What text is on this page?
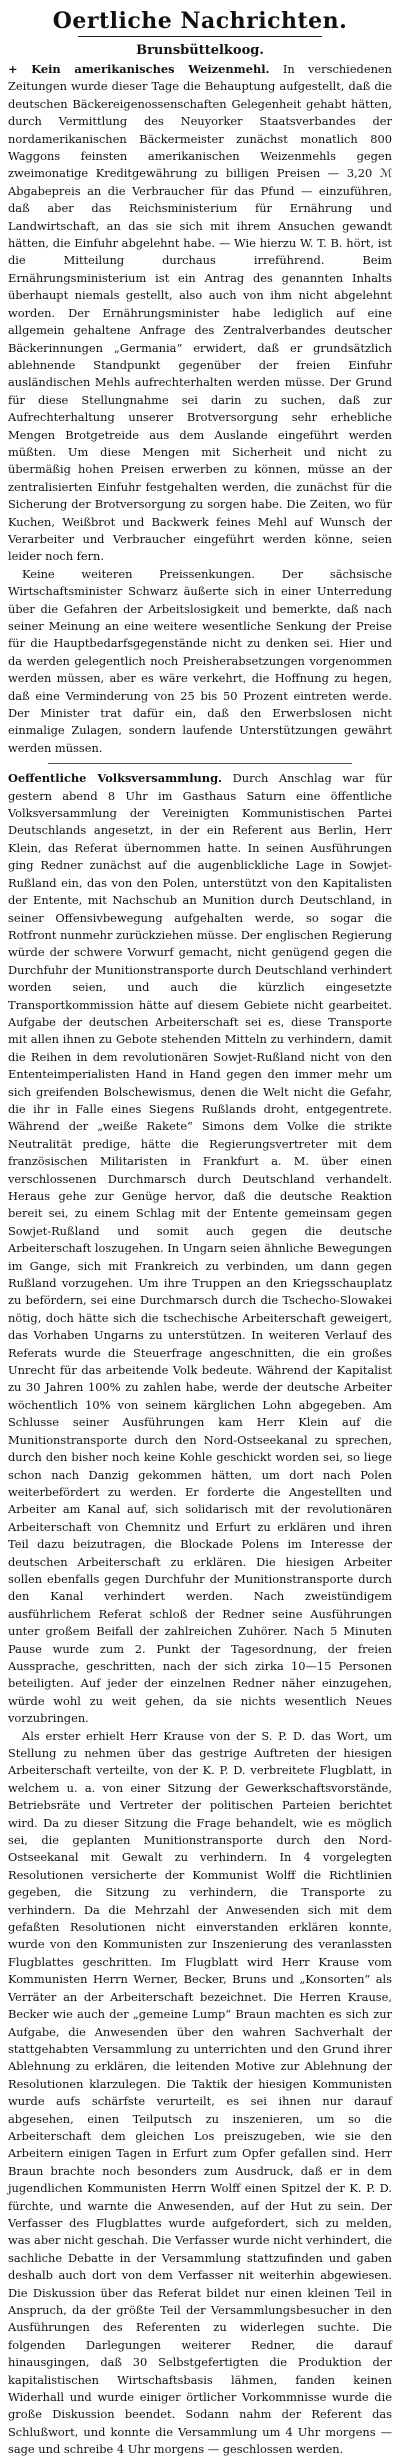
Oertliche Nachrichten.
Brunsbüttelkoog.

+ Kein amerikanisches Weizenmehl. In verschiedenen Zeitungen wurde dieser Tage die Behauptung aufgestellt, daß die deutschen Bäckereigenossenschaften Gelegenheit gehabt hätten, durch Vermittlung des Neuyorker Staatsverbandes der nordamerikanischen Bäckermeister zunächst monatlich 800 Waggons feinsten amerikanischen Weizenmehls gegen zweimonatige Kreditgewährung zu billigen Preisen — 3,20 ℳ Abgabepreis an die Verbraucher für das Pfund — einzuführen, daß aber das Reichsministerium für Ernährung und Landwirtschaft, an das sie sich mit ihrem Ansuchen gewandt hätten, die Einfuhr abgelehnt habe. — Wie hierzu W. T. B. hört, ist die Mitteilung durchaus irreführend. Beim Ernährungsministerium ist ein Antrag des genannten Inhalts überhaupt niemals gestellt, also auch von ihm nicht abgelehnt worden. Der Ernährungsminister habe lediglich auf eine allgemein gehaltene Anfrage des Zentralverbandes deutscher Bäckerinnungen „Germania“ erwidert, daß er grundsätzlich ablehnende Standpunkt gegenüber der freien Einfuhr ausländischen Mehls aufrechterhalten werden müsse. Der Grund für diese Stellungnahme sei darin zu suchen, daß zur Aufrechterhaltung unserer Brotversorgung sehr erhebliche Mengen Brotgetreide aus dem Auslande eingeführt werden müßten. Um diese Mengen mit Sicherheit und nicht zu übermäßig hohen Preisen erwerben zu können, müsse an der zentralisierten Einfuhr festgehalten werden, die zunächst für die Sicherung der Brotversorgung zu sorgen habe. Die Zeiten, wo für Kuchen, Weißbrot und Backwerk feines Mehl auf Wunsch der Verarbeiter und Verbraucher eingeführt werden könne, seien leider noch fern.

Keine weiteren Preissenkungen. Der sächsische Wirtschaftsminister Schwarz äußerte sich in einer Unterredung über die Gefahren der Arbeitslosigkeit und bemerkte, daß nach seiner Meinung an eine weitere wesentliche Senkung der Preise für die Hauptbedarfsgegenstände nicht zu denken sei. Hier und da werden gelegentlich noch Preisherabsetzungen vorgenommen werden müssen, aber es wäre verkehrt, die Hoffnung zu hegen, daß eine Verminderung von 25 bis 50 Prozent eintreten werde. Der Minister trat dafür ein, daß den Erwerbslosen nicht einmalige Zulagen, sondern laufende Unterstützungen gewährt werden müssen.

Oeffentliche Volksversammlung. Durch Anschlag war für gestern abend 8 Uhr im Gasthaus Saturn eine öffentliche Volksversammlung der Vereinigten Kommunistischen Partei Deutschlands angesetzt, in der ein Referent aus Berlin, Herr Klein, das Referat übernommen hatte. In seinen Ausführungen ging Redner zunächst auf die augenblickliche Lage in Sowjet-Rußland ein, das von den Polen, unterstützt von den Kapitalisten der Entente, mit Nachschub an Munition durch Deutschland, in seiner Offensivbewegung aufgehalten werde, so sogar die Rotfront nunmehr zurückziehen müsse. Der englischen Regierung würde der schwere Vorwurf gemacht, nicht genügend gegen die Durchfuhr der Munitionstransporte durch Deutschland verhindert worden seien, und auch die kürzlich eingesetzte Transportkommission hätte auf diesem Gebiete nicht gearbeitet. Aufgabe der deutschen Arbeiterschaft sei es, diese Transporte mit allen ihnen zu Gebote stehenden Mitteln zu verhindern, damit die Reihen in dem revolutionären Sowjet-Rußland nicht von den Ententeimperialisten Hand in Hand gegen den immer mehr um sich greifenden Bolschewismus, denen die Welt nicht die Gefahr, die ihr in Falle eines Siegens Rußlands droht, entgegentrete. Während der „weiße Rakete“ Simons dem Volke die strikte Neutralität predige, hätte die Regierungsvertreter mit dem französischen Militaristen in Frankfurt a. M. über einen verschlossenen Durchmarsch durch Deutschland verhandelt. Heraus gehe zur Genüge hervor, daß die deutsche Reaktion bereit sei, zu einem Schlag mit der Entente gemeinsam gegen Sowjet-Rußland und somit auch gegen die deutsche Arbeiterschaft loszugehen. In Ungarn seien ähnliche Bewegungen im Gange, sich mit Frankreich zu verbinden, um dann gegen Rußland vorzugehen. Um ihre Truppen an den Kriegsschauplatz zu befördern, sei eine Durchmarsch durch die Tschecho-Slowakei nötig, doch hätte sich die tschechische Arbeiterschaft geweigert, das Vorhaben Ungarns zu unterstützen. In weiteren Verlauf des Referats wurde die Steuerfrage angeschnitten, die ein großes Unrecht für das arbeitende Volk bedeute. Während der Kapitalist zu 30 Jahren 100% zu zahlen habe, werde der deutsche Arbeiter wöchentlich 10% von seinem kärglichen Lohn abgegeben. Am Schlusse seiner Ausführungen kam Herr Klein auf die Munitionstransporte durch den Nord-Ostseekanal zu sprechen, durch den bisher noch keine Kohle geschickt worden sei, so liege schon nach Danzig gekommen hätten, um dort nach Polen weiterbefördert zu werden. Er forderte die Angestellten und Arbeiter am Kanal auf, sich solidarisch mit der revolutionären Arbeiterschaft von Chemnitz und Erfurt zu erklären und ihren Teil dazu beizutragen, die Blockade Polens im Interesse der deutschen Arbeiterschaft zu erklären. Die hiesigen Arbeiter sollen ebenfalls gegen Durchfuhr der Munitionstransporte durch den Kanal verhindert werden. Nach zweistündigem ausführlichem Referat schloß der Redner seine Ausführungen unter großem Beifall der zahlreichen Zuhörer. Nach 5 Minuten Pause wurde zum 2. Punkt der Tagesordnung, der freien Aussprache, geschritten, nach der sich zirka 10—15 Personen beteiligten. Auf jeder der einzelnen Redner näher einzugehen, würde wohl zu weit gehen, da sie nichts wesentlich Neues vorzubringen.

Als erster erhielt Herr Krause von der S. P. D. das Wort, um Stellung zu nehmen über das gestrige Auftreten der hiesigen Arbeiterschaft verteilte, von der K. P. D. verbreitete Flugblatt, in welchem u. a. von einer Sitzung der Gewerkschaftsvorstände, Betriebsräte und Vertreter der politischen Parteien berichtet wird. Da zu dieser Sitzung die Frage behandelt, wie es möglich sei, die geplanten Munitionstransporte durch den Nord-Ostseekanal mit Gewalt zu verhindern. In 4 vorgelegten Resolutionen versicherte der Kommunist Wolff die Richtlinien gegeben, die Sitzung zu verhindern, die Transporte zu verhindern. Da die Mehrzahl der Anwesenden sich mit dem gefaßten Resolutionen nicht einverstanden erklären konnte, wurde von den Kommunisten zur Inszenierung des veranlassten Flugblattes geschritten. Im Flugblatt wird Herr Krause vom Kommunisten Herrn Werner, Becker, Bruns und „Konsorten“ als Verräter an der Arbeiterschaft bezeichnet. Die Herren Krause, Becker wie auch der „gemeine Lump“ Braun machten es sich zur Aufgabe, die Anwesenden über den wahren Sachverhalt der stattgehabten Versammlung zu unterrichten und den Grund ihrer Ablehnung zu erklären, die leitenden Motive zur Ablehnung der Resolutionen klarzulegen. Die Taktik der hiesigen Kommunisten wurde aufs schärfste verurteilt, es sei ihnen nur darauf abgesehen, einen Teilputsch zu inszenieren, um so die Arbeiterschaft dem gleichen Los preiszugeben, wie sie den Arbeitern einigen Tagen in Erfurt zum Opfer gefallen sind. Herr Braun brachte noch besonders zum Ausdruck, daß er in dem jugendlichen Kommunisten Herrn Wolff einen Spitzel der K. P. D. fürchte, und warnte die Anwesenden, auf der Hut zu sein. Der Verfasser des Flugblattes wurde aufgefordert, sich zu melden, was aber nicht geschah. Die Verfasser wurde nicht verhindert, die sachliche Debatte in der Versammlung stattzufinden und gaben deshalb auch dort von dem Verfasser nit weiterhin abgewiesen. Die Diskussion über das Referat bildet nur einen kleinen Teil in Anspruch, da der größte Teil der Versammlungsbesucher in den Ausführungen des Referenten zu widerlegen suchte. Die folgenden Darlegungen weiterer Redner, die darauf hinausgingen, daß 30 Selbstgefertigten die Produktion der kapitalistischen Wirtschaftsbasis lähmen, fanden keinen Widerhall und wurde einiger örtlicher Vorkommnisse wurde die große Diskussion beendet. Sodann nahm der Referent das Schlußwort, und konnte die Versammlung um 4 Uhr morgens — sage und schreibe 4 Uhr morgens — geschlossen werden.
